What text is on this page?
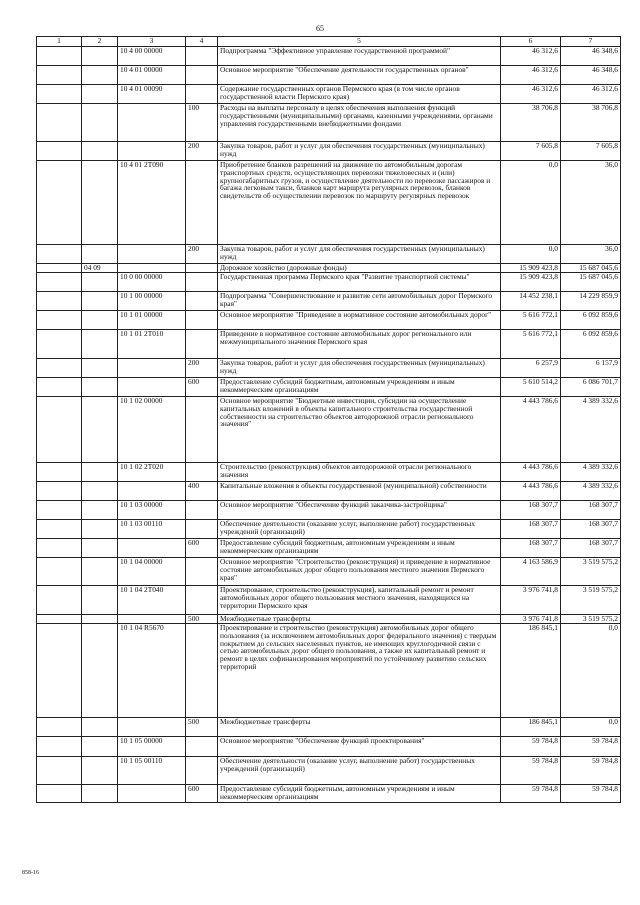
65
1	2	3	4	5	6	7
		10 4 00 00000		Подпрограмма "Эффективное управление государственной программой"	46 312,6	46 348,6
		10 4 01 00000		Основное мероприятие "Обеспечение деятельности государственных органов"	46 312,6	46 348,6
		10 4 01 00090		Содержание государственных органов Пермского края (в том числе органов государственной власти Пермского края)	46 312,6	46 312,6
			100	Расходы на выплаты персоналу в целях обеспечения выполнения функций государственными (муниципальными) органами, казенными учреждениями, органами управления государственными внебюджетными фондами	38 706,8	38 706,8
			200	Закупка товаров, работ и услуг для обеспечения государственных (муниципальных) нужд	7 605,8	7 605,8
		10 4 01 2T090		Приобретение бланков разрешений на движение по автомобильным дорогам транспортных средств, осуществляющих перевозки тяжеловесных и (или) крупногабаритных грузов, и осуществление деятельности по перевозке пассажиров и багажа легковым такси, бланков карт маршрута регулярных перевозок, бланков свидетельств об осуществлении перевозок по маршруту регулярных перевозок	0,0	36,0
			200	Закупка товаров, работ и услуг для обеспечения государственных (муниципальных) нужд	0,0	36,0
	04 09			Дорожное хозяйство (дорожные фонды)	15 909 423,8	15 687 045,6
		10 0 00 00000		Государственная программа Пермского края "Развитие транспортной системы"	15 909 423,8	15 687 045,6
		10 1 00 00000		Подпрограмма "Совершенствование и развитие сети автомобильных дорог Пермского края"	14 452 238,1	14 229 859,9
		10 1 01 00000		Основное мероприятие "Приведение в нормативное состояние автомобильных дорог"	5 616 772,1	6 092 859,6
		10 1 01 2T010		Приведение в нормативное состояние автомобильных дорог регионального или межмуниципального значения Пермского края	5 616 772,1	6 092 859,6
			200	Закупка товаров, работ и услуг для обеспечения государственных (муниципальных) нужд	6 257,9	6 157,9
			600	Предоставление субсидий бюджетным, автономным учреждениям и иным некоммерческим организациям	5 610 514,2	6 086 701,7
		10 1 02 00000		Основное мероприятие "Бюджетные инвестиции, субсидии на осуществление капитальных вложений в объекты капитального строительства государственной собственности на строительство объектов автодорожной отрасли регионального значения"	4 443 786,6	4 389 332,6
		10 1 02 2T020		Строительство (реконструкция) объектов автодорожной отрасли регионального значения	4 443 786,6	4 389 332,6
			400	Капитальные вложения в объекты государственной (муниципальной) собственности	4 443 786,6	4 389 332,6
		10 1 03 00000		Основное мероприятие "Обеспечение функций заказчика-застройщика"	168 307,7	168 307,7
		10 1 03 00110		Обеспечение деятельности (оказание услуг, выполнение работ) государственных учреждений (организаций)	168 307,7	168 307,7
			600	Предоставление субсидий бюджетным, автономным учреждениям и иным некоммерческим организациям	168 307,7	168 307,7
		10 1 04 00000		Основное мероприятие "Строительство (реконструкция) и приведение в нормативное состояние автомобильных дорог общего пользования местного значения Пермского края"	4 163 586,9	3 519 575,2
		10 1 04 2T040		Проектирование, строительство (реконструкция), капитальный ремонт и ремонт автомобильных дорог общего пользования местного значения, находящихся на территории Пермского края	3 976 741,8	3 519 575,2
			500	Межбюджетные трансферты	3 976 741,8	3 519 575,2
		10 1 04 R5670		Проектирование и строительство (реконструкция) автомобильных дорог общего пользования (за исключением автомобильных дорог федерального значения) с твердым покрытием до сельских населенных пунктов, не имеющих круглогодичной связи с сетью автомобильных дорог общего пользования, а также их капитальный ремонт и ремонт в целях софинансирования мероприятий по устойчивому развитию сельских территорий	186 845,1	0,0
			500	Межбюджетные трансферты	186 845,1	0,0
		10 1 05 00000		Основное мероприятие "Обеспечение функций проектирования"	59 784,8	59 784,8
		10 1 05 00110		Обеспечение деятельности (оказание услуг, выполнение работ) государственных учреждений (организаций)	59 784,8	59 784,8
			600	Предоставление субсидий бюджетным, автономным учреждениям и иным некоммерческим организациям	59 784,8	59 784,8
858-16
